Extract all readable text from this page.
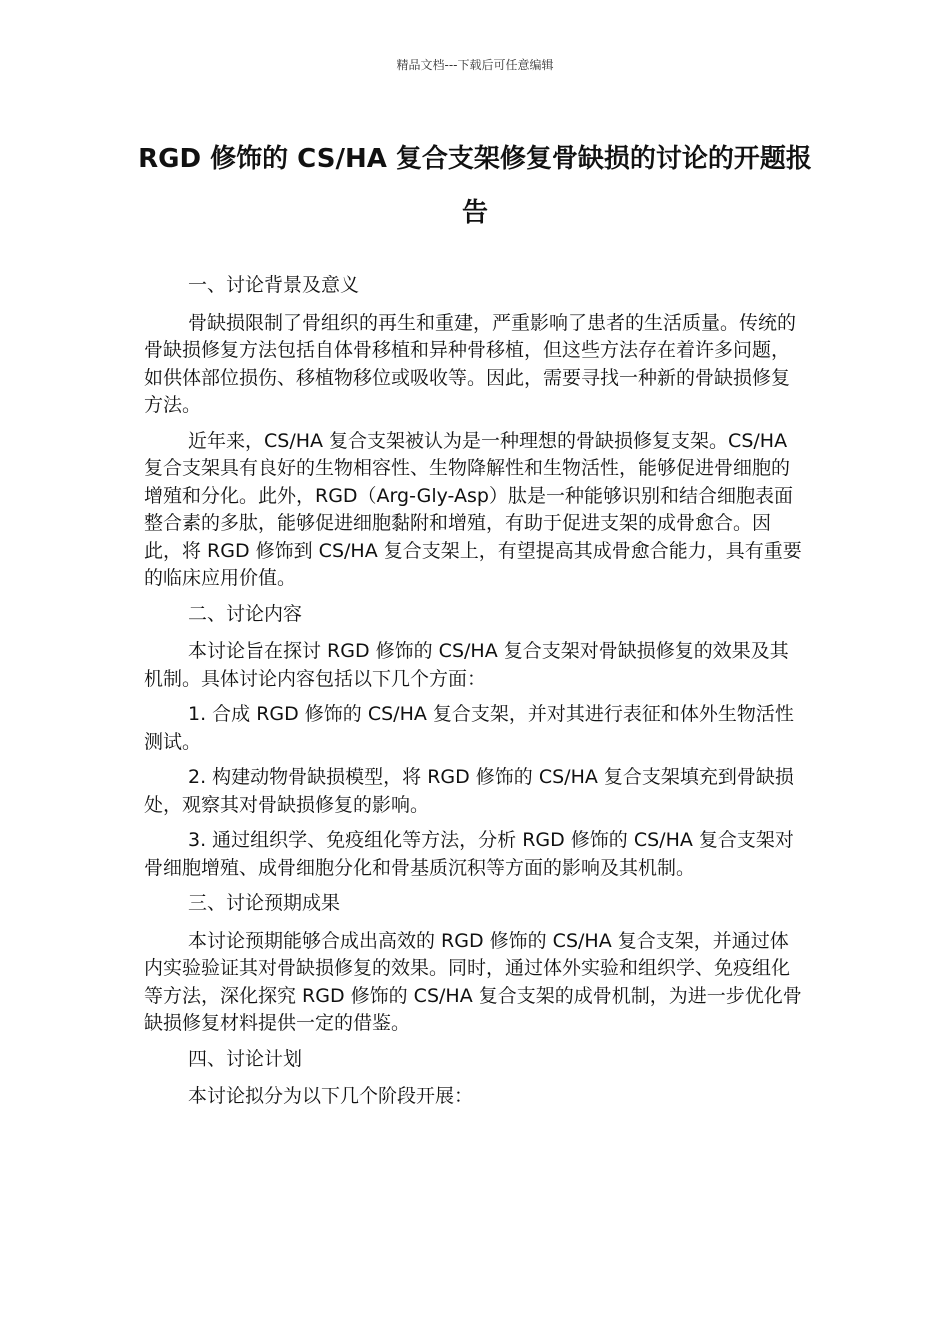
精品文档---下载后可任意编辑
RGD 修饰的 CS/HA 复合支架修复骨缺损的讨论的开题报告

一、讨论背景及意义

骨缺损限制了骨组织的再生和重建，严重影响了患者的生活质量。传统的骨缺损修复方法包括自体骨移植和异种骨移植，但这些方法存在着许多问题，如供体部位损伤、移植物移位或吸收等。因此，需要寻找一种新的骨缺损修复方法。

近年来，CS/HA 复合支架被认为是一种理想的骨缺损修复支架。CS/HA 复合支架具有良好的生物相容性、生物降解性和生物活性，能够促进骨细胞的增殖和分化。此外，RGD（Arg-Gly-Asp）肽是一种能够识别和结合细胞表面整合素的多肽，能够促进细胞黏附和增殖，有助于促进支架的成骨愈合。因此，将 RGD 修饰到 CS/HA 复合支架上，有望提高其成骨愈合能力，具有重要的临床应用价值。

二、讨论内容

本讨论旨在探讨 RGD 修饰的 CS/HA 复合支架对骨缺损修复的效果及其机制。具体讨论内容包括以下几个方面：

1. 合成 RGD 修饰的 CS/HA 复合支架，并对其进行表征和体外生物活性测试。

2. 构建动物骨缺损模型，将 RGD 修饰的 CS/HA 复合支架填充到骨缺损处，观察其对骨缺损修复的影响。

3. 通过组织学、免疫组化等方法，分析 RGD 修饰的 CS/HA 复合支架对骨细胞增殖、成骨细胞分化和骨基质沉积等方面的影响及其机制。

三、讨论预期成果

本讨论预期能够合成出高效的 RGD 修饰的 CS/HA 复合支架，并通过体内实验验证其对骨缺损修复的效果。同时，通过体外实验和组织学、免疫组化等方法，深化探究 RGD 修饰的 CS/HA 复合支架的成骨机制，为进一步优化骨缺损修复材料提供一定的借鉴。

四、讨论计划

本讨论拟分为以下几个阶段开展：
